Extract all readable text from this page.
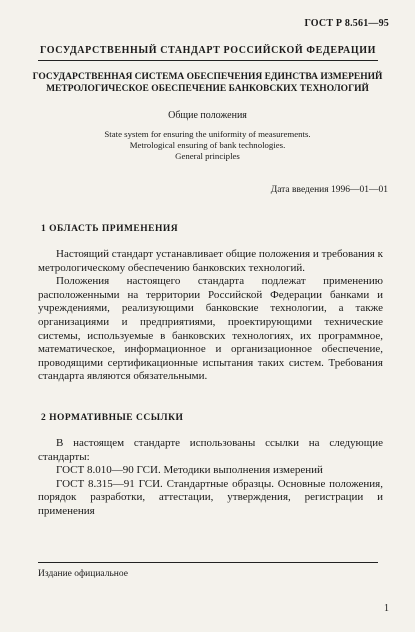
ГОСТ Р 8.561—95
ГОСУДАРСТВЕННЫЙ СТАНДАРТ РОССИЙСКОЙ ФЕДЕРАЦИИ
ГОСУДАРСТВЕННАЯ СИСТЕМА ОБЕСПЕЧЕНИЯ ЕДИНСТВА ИЗМЕРЕНИЙ
МЕТРОЛОГИЧЕСКОЕ ОБЕСПЕЧЕНИЕ БАНКОВСКИХ ТЕХНОЛОГИЙ
Общие положения
State system for ensuring the uniformity of measurements.
Metrological ensuring of bank technologies.
General principles
Дата введения 1996—01—01
1 ОБЛАСТЬ ПРИМЕНЕНИЯ

Настоящий стандарт устанавливает общие положения и требования к метрологическому обеспечению банковских технологий.

Положения настоящего стандарта подлежат применению расположенными на территории Российской Федерации банками и учреждениями, реализующими банковские технологии, а также организациями и предприятиями, проектирующими технические системы, используемые в банковских технологиях, их программное, математическое, информационное и организационное обеспечение, проводящими сертификационные испытания таких систем. Требования стандарта являются обязательными.

2 НОРМАТИВНЫЕ ССЫЛКИ

В настоящем стандарте использованы ссылки на следующие стандарты:

ГОСТ 8.010—90 ГСИ. Методики выполнения измерений

ГОСТ 8.315—91 ГСИ. Стандартные образцы. Основные положения, порядок разработки, аттестации, утверждения, регистрации и применения

Издание официальное
1
